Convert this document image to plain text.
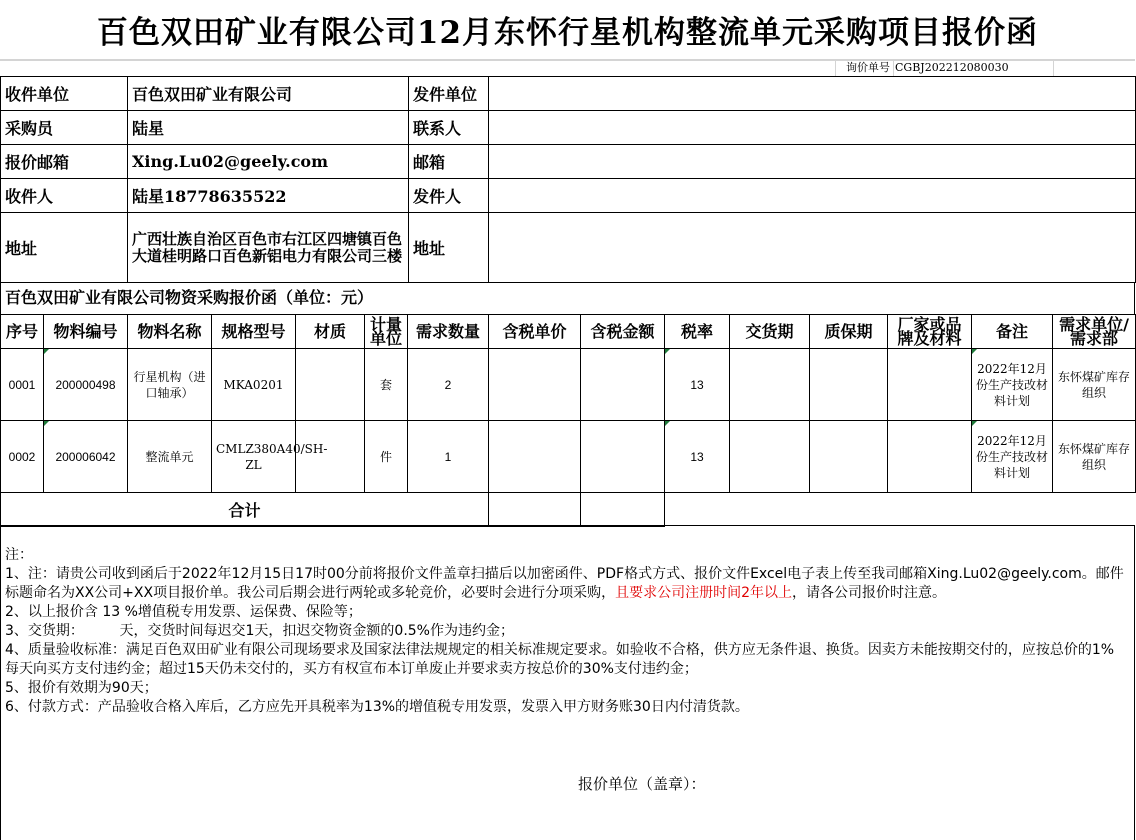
百色双田矿业有限公司12月东怀行星机构整流单元采购项目报价函
询价单号 CGBJ202212080030
收件单位	百色双田矿业有限公司	发件单位	
采购员	陆星	联系人	
报价邮箱	Xing.Lu02@geely.com	邮箱	
收件人	陆星18778635522	发件人	
地址	广西壮族自治区百色市右江区四塘镇百色大道桂明路口百色新铝电力有限公司三楼	地址	
百色双田矿业有限公司物资采购报价函（单位：元）
序号	物料编号	物料名称	规格型号	材质	计量单位	需求数量	含税单价	含税金额	税率	交货期	质保期	厂家或品牌及材料	备注	需求单位/需求部
0001	200000498	行星机构（进口轴承）	MKA0201		套	2			13				2022年12月份生产技改材料计划	东怀煤矿库存组织
0002	200006042	整流单元	CMLZ380A40/SH-ZL		件	1			13				2022年12月份生产技改材料计划	东怀煤矿库存组织
合计														

注：

1、注：请贵公司收到函后于2022年12月15日17时00分前将报价文件盖章扫描后以加密函件、PDF格式方式、报价文件Excel电子表上传至我司邮箱Xing.Lu02@geely.com。邮件标题命名为XX公司+XX项目报价单。我公司后期会进行两轮或多轮竞价，必要时会进行分项采购，且要求公司注册时间2年以上，请各公司报价时注意。

2、以上报价含 13 %增值税专用发票、运保费、保险等；

3、交货期：        天，交货时间每迟交1天，扣迟交物资金额的0.5%作为违约金；

4、质量验收标准：满足百色双田矿业有限公司现场要求及国家法律法规规定的相关标准规定要求。如验收不合格，供方应无条件退、换货。因卖方未能按期交付的，应按总价的1% 每天向买方支付违约金；超过15天仍未交付的，买方有权宣布本订单废止并要求卖方按总价的30%支付违约金；

5、报价有效期为90天；

6、付款方式：产品验收合格入库后，乙方应先开具税率为13%的增值税专用发票，发票入甲方财务账30日内付清货款。

报价单位（盖章）：
